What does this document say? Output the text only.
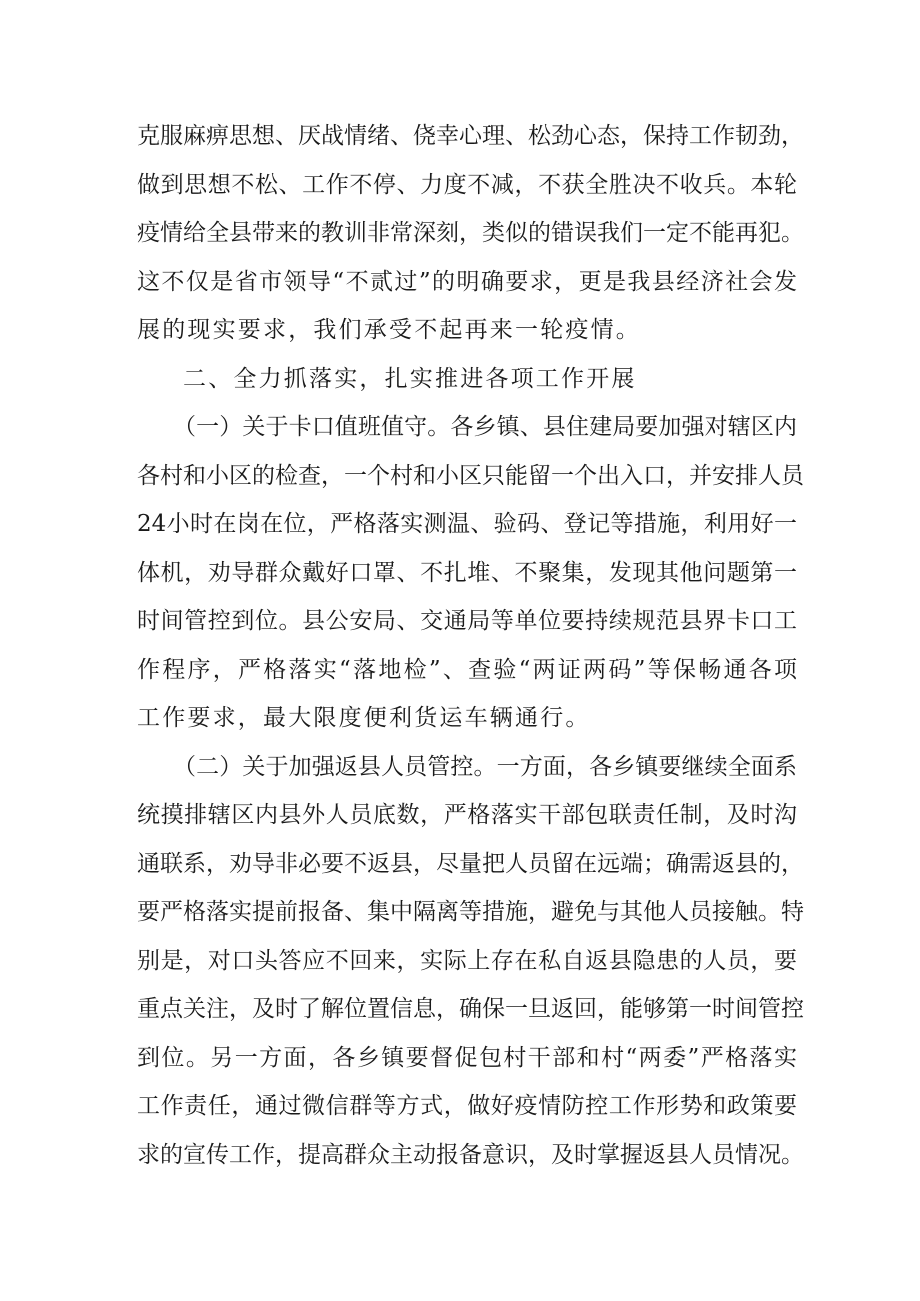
克服麻痹思想、厌战情绪、侥幸心理、松劲心态，保持工作韧劲，
做到思想不松、工作不停、力度不减，不获全胜决不收兵。本轮
疫情给全县带来的教训非常深刻，类似的错误我们一定不能再犯。
这不仅是省市领导“不贰过”的明确要求，更是我县经济社会发
展的现实要求，我们承受不起再来一轮疫情。
二、全力抓落实，扎实推进各项工作开展
（一）关于卡口值班值守。各乡镇、县住建局要加强对辖区内
各村和小区的检查，一个村和小区只能留一个出入口，并安排人员
24小时在岗在位，严格落实测温、验码、登记等措施，利用好一
体机，劝导群众戴好口罩、不扎堆、不聚集，发现其他问题第一
时间管控到位。县公安局、交通局等单位要持续规范县界卡口工
作程序，严格落实“落地检”、查验“两证两码”等保畅通各项
工作要求，最大限度便利货运车辆通行。
（二）关于加强返县人员管控。一方面，各乡镇要继续全面系
统摸排辖区内县外人员底数，严格落实干部包联责任制，及时沟
通联系，劝导非必要不返县，尽量把人员留在远端；确需返县的，
要严格落实提前报备、集中隔离等措施，避免与其他人员接触。特
别是，对口头答应不回来，实际上存在私自返县隐患的人员，要
重点关注，及时了解位置信息，确保一旦返回，能够第一时间管控
到位。另一方面，各乡镇要督促包村干部和村“两委”严格落实
工作责任，通过微信群等方式，做好疫情防控工作形势和政策要
求的宣传工作，提高群众主动报备意识，及时掌握返县人员情况。
